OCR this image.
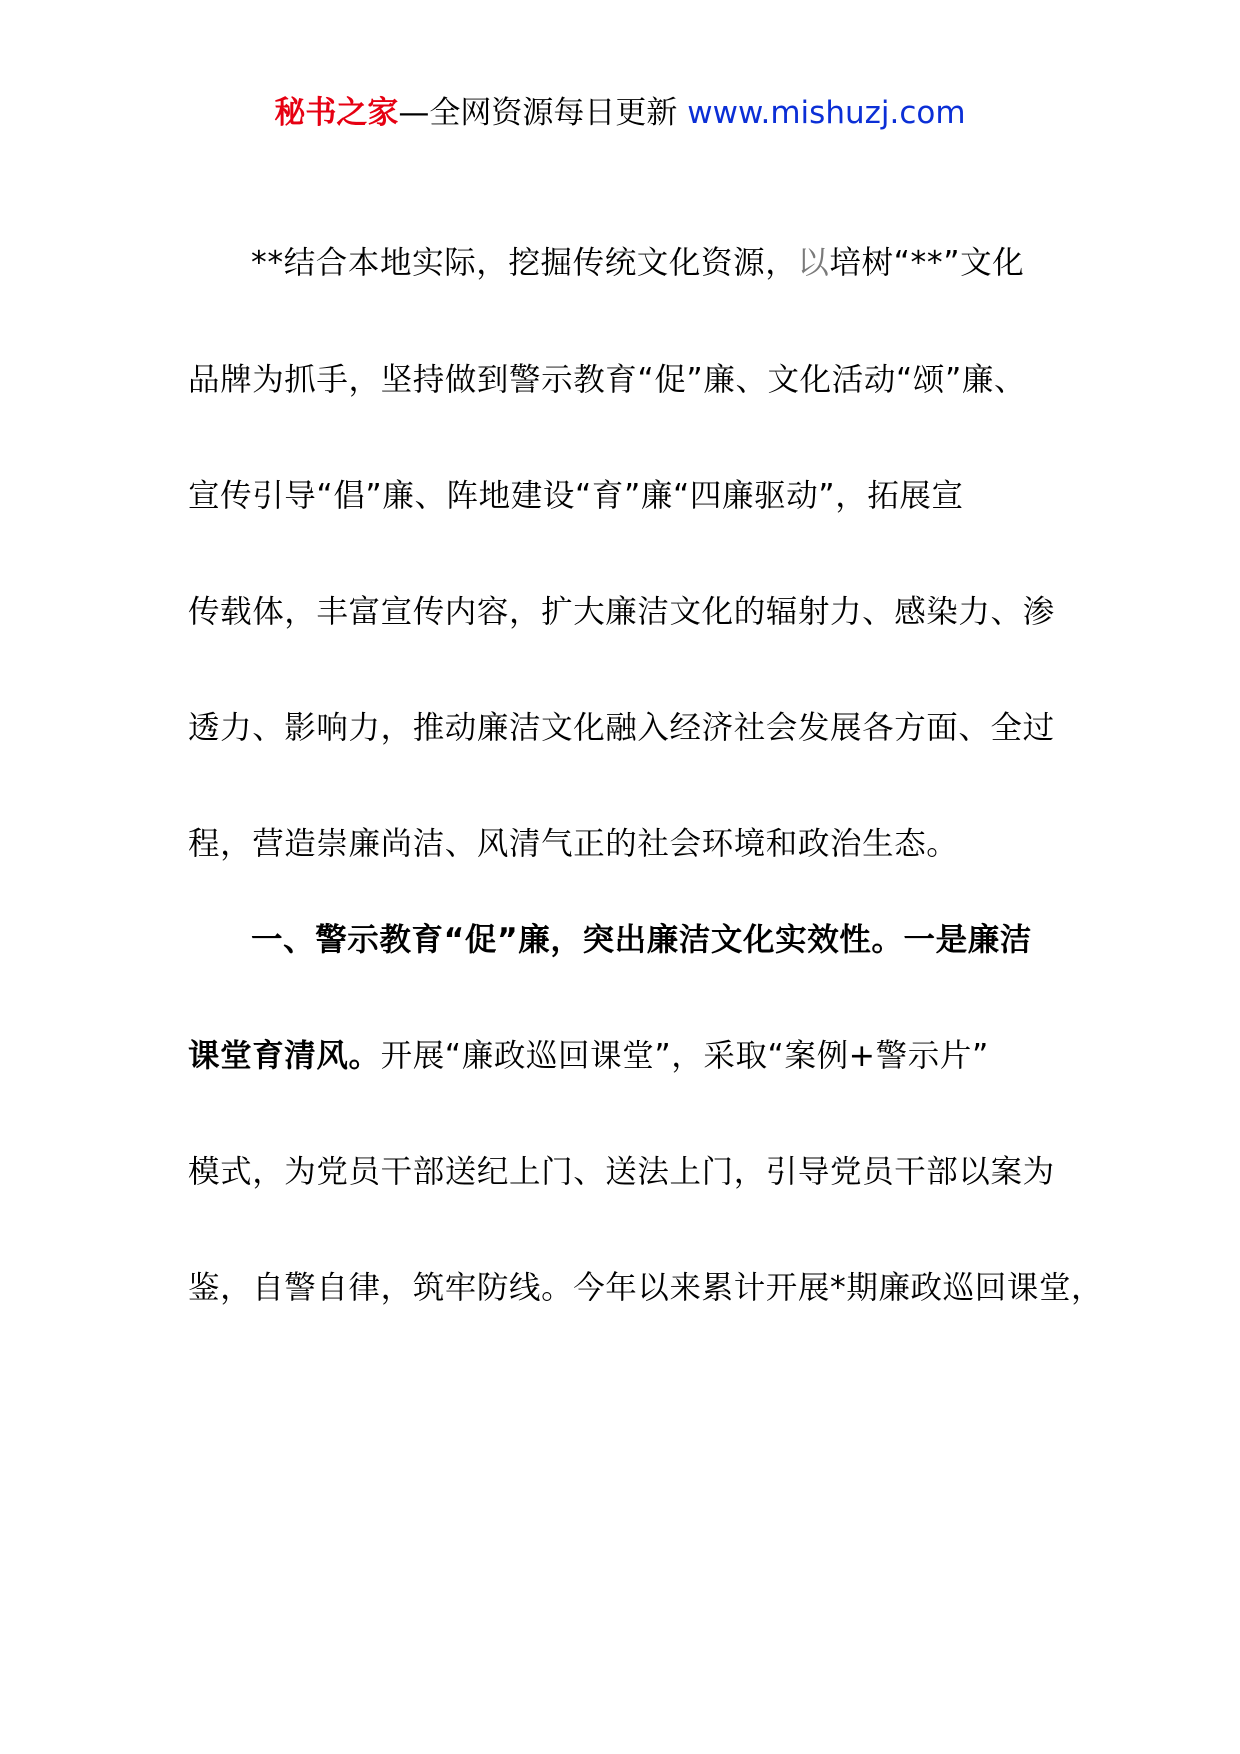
秘书之家—全网资源每日更新 www.mishuzj.com
**结合本地实际，挖掘传统文化资源，以培树“**”文化
品牌为抓手，坚持做到警示教育“促”廉、文化活动“颂”廉、
宣传引导“倡”廉、阵地建设“育”廉“四廉驱动”，拓展宣
传载体，丰富宣传内容，扩大廉洁文化的辐射力、感染力、渗
透力、影响力，推动廉洁文化融入经济社会发展各方面、全过
程，营造崇廉尚洁、风清气正的社会环境和政治生态。
一、警示教育“促”廉，突出廉洁文化实效性。一是廉洁
课堂育清风。开展“廉政巡回课堂”，采取“案例+警示片”
模式，为党员干部送纪上门、送法上门，引导党员干部以案为
鉴，自警自律，筑牢防线。今年以来累计开展*期廉政巡回课堂，
